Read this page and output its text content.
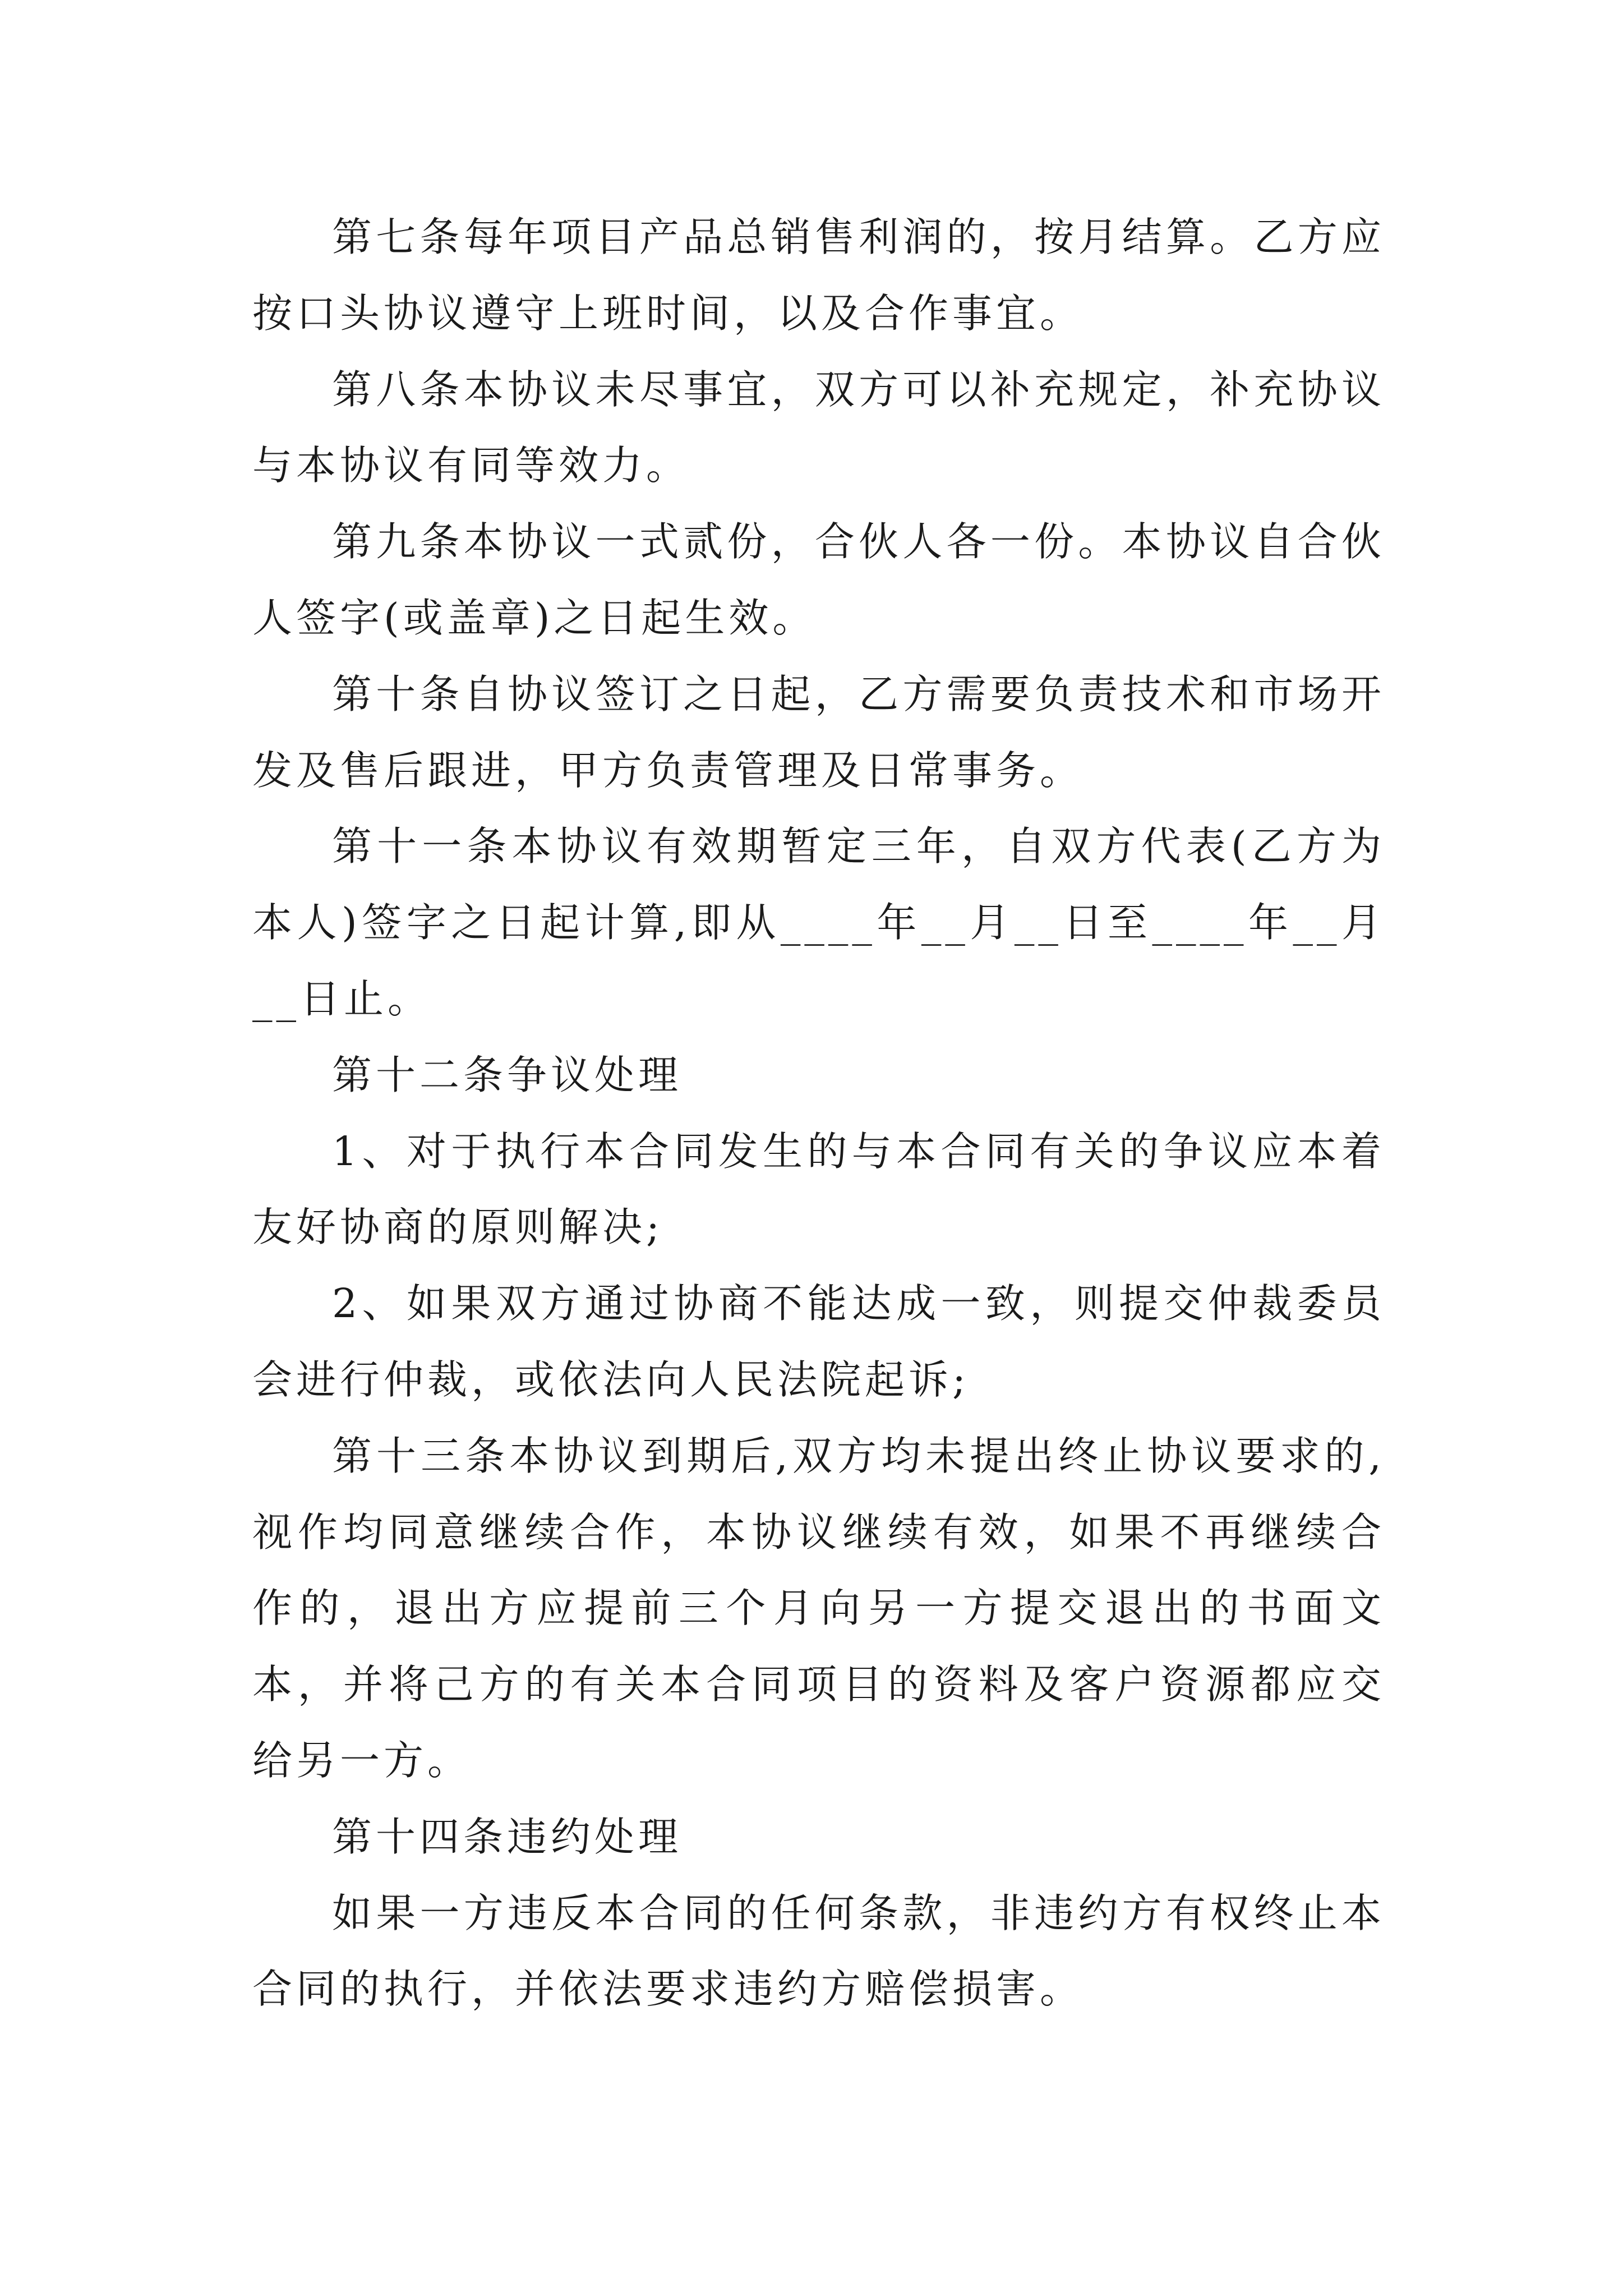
第七条每年项目产品总销售利润的，按月结算。乙方应按口头协议遵守上班时间，以及合作事宜。

第八条本协议未尽事宜，双方可以补充规定，补充协议与本协议有同等效力。

第九条本协议一式贰份，合伙人各一份。本协议自合伙人签字(或盖章)之日起生效。

第十条自协议签订之日起，乙方需要负责技术和市场开发及售后跟进，甲方负责管理及日常事务。

第十一条本协议有效期暂定三年，自双方代表(乙方为本人)签字之日起计算,即从____年__月__日至____年__月__日止。

第十二条争议处理

1、对于执行本合同发生的与本合同有关的争议应本着友好协商的原则解决;

2、如果双方通过协商不能达成一致，则提交仲裁委员会进行仲裁，或依法向人民法院起诉;

第十三条本协议到期后,双方均未提出终止协议要求的,视作均同意继续合作，本协议继续有效，如果不再继续合作的，退出方应提前三个月向另一方提交退出的书面文本，并将己方的有关本合同项目的资料及客户资源都应交给另一方。

第十四条违约处理

如果一方违反本合同的任何条款，非违约方有权终止本合同的执行，并依法要求违约方赔偿损害。
